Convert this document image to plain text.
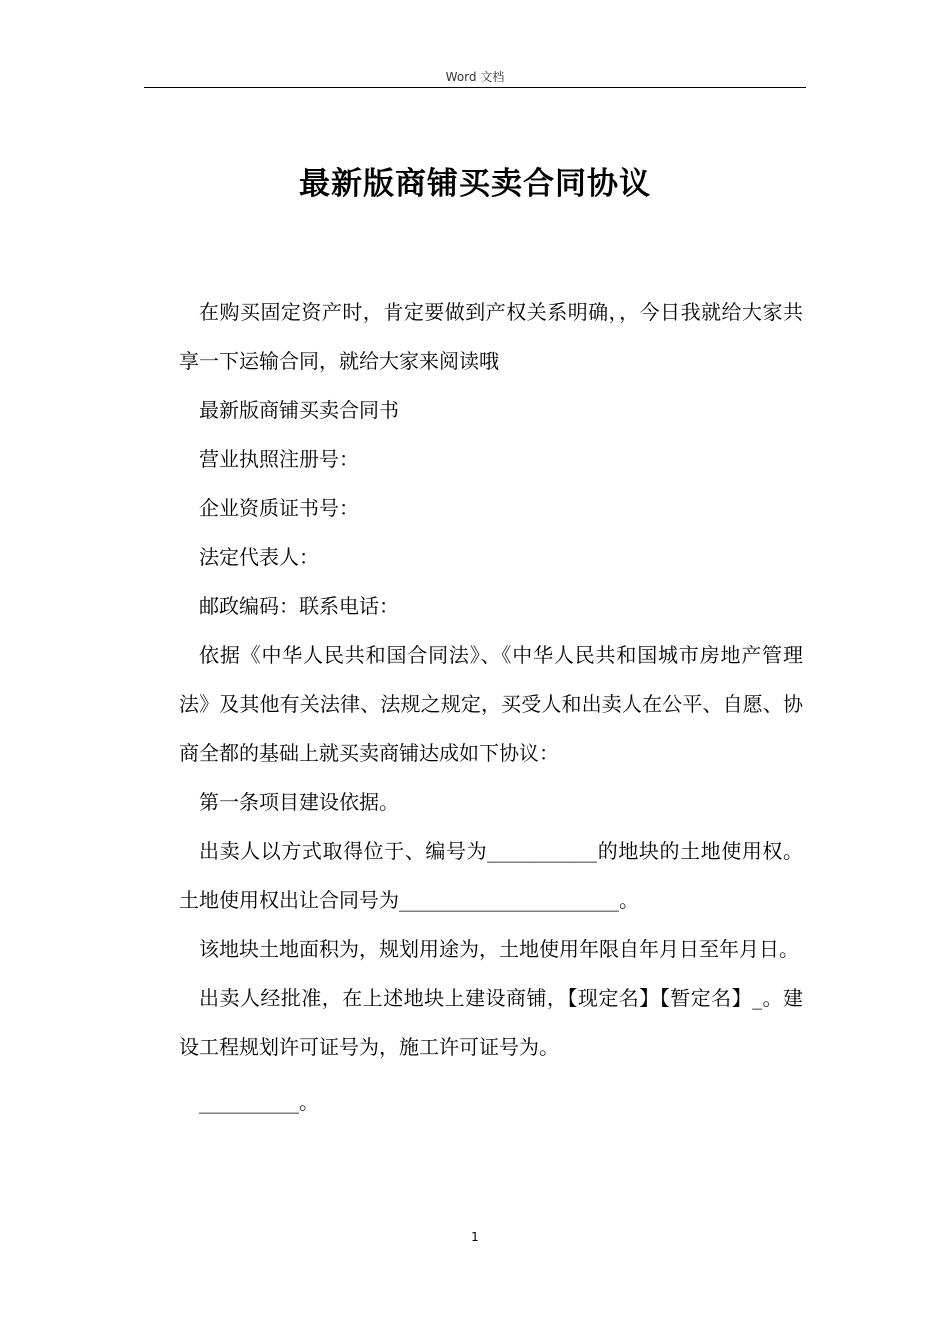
Word 文档
最新版商铺买卖合同协议

在购买固定资产时，肯定要做到产权关系明确，，今日我就给大家共享一下运输合同，就给大家来阅读哦

最新版商铺买卖合同书

营业执照注册号：

企业资质证书号：

法定代表人：

邮政编码：联系电话：

依据《中华人民共和国合同法》、《中华人民共和国城市房地产管理法》及其他有关法律、法规之规定，买受人和出卖人在公平、自愿、协商全都的基础上就买卖商铺达成如下协议：

第一条项目建设依据。

出卖人以方式取得位于、编号为___________的地块的土地使用权。土地使用权出让合同号为______________________。

该地块土地面积为，规划用途为，土地使用年限自年月日至年月日。

出卖人经批准，在上述地块上建设商铺，【现定名】【暂定名】_。建设工程规划许可证号为，施工许可证号为。

__________。

1
